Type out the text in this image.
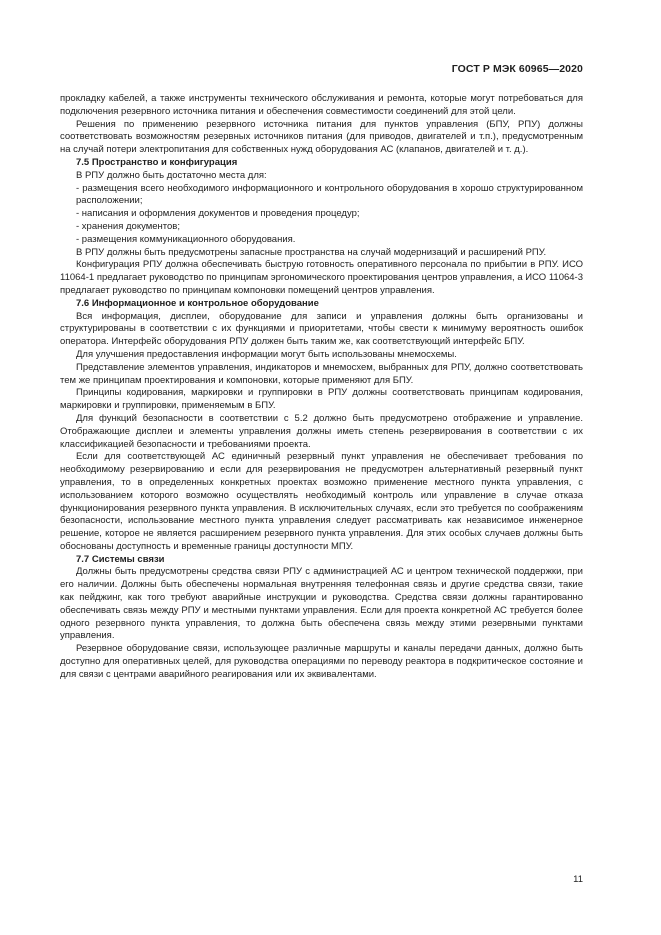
ГОСТ Р МЭК 60965—2020

прокладку кабелей, а также инструменты технического обслуживания и ремонта, которые могут потребоваться для подключения резервного источника питания и обеспечения совместимости соединений для этой цели.

Решения по применению резервного источника питания для пунктов управления (БПУ, РПУ) должны соответствовать возможностям резервных источников питания (для приводов, двигателей и т.п.), предусмотренным на случай потери электропитания для собственных нужд оборудования АС (клапанов, двигателей и т. д.).

7.5 Пространство и конфигурация

В РПУ должно быть достаточно места для:

- размещения всего необходимого информационного и контрольного оборудования в хорошо структурированном расположении;

- написания и оформления документов и проведения процедур;

- хранения документов;

- размещения коммуникационного оборудования.

В РПУ должны быть предусмотрены запасные пространства на случай модернизаций и расширений РПУ.

Конфигурация РПУ должна обеспечивать быструю готовность оперативного персонала по прибытии в РПУ. ИСО 11064-1 предлагает руководство по принципам эргономического проектирования центров управления, а ИСО 11064-3 предлагает руководство по принципам компоновки помещений центров управления.

7.6 Информационное и контрольное оборудование

Вся информация, дисплеи, оборудование для записи и управления должны быть организованы и структурированы в соответствии с их функциями и приоритетами, чтобы свести к минимуму вероятность ошибок оператора. Интерфейс оборудования РПУ должен быть таким же, как соответствующий интерфейс БПУ.

Для улучшения предоставления информации могут быть использованы мнемосхемы.

Представление элементов управления, индикаторов и мнемосхем, выбранных для РПУ, должно соответствовать тем же принципам проектирования и компоновки, которые применяют для БПУ.

Принципы кодирования, маркировки и группировки в РПУ должны соответствовать принципам кодирования, маркировки и группировки, применяемым в БПУ.

Для функций безопасности в соответствии с 5.2 должно быть предусмотрено отображение и управление. Отображающие дисплеи и элементы управления должны иметь степень резервирования в соответствии с их классификацией безопасности и требованиями проекта.

Если для соответствующей АС единичный резервный пункт управления не обеспечивает требования по необходимому резервированию и если для резервирования не предусмотрен альтернативный резервный пункт управления, то в определенных конкретных проектах возможно применение местного пункта управления, с использованием которого возможно осуществлять необходимый контроль или управление в случае отказа функционирования резервного пункта управления. В исключительных случаях, если это требуется по соображениям безопасности, использование местного пункта управления следует рассматривать как независимое инженерное решение, которое не является расширением резервного пункта управления. Для этих особых случаев должны быть обоснованы доступность и временные границы доступности МПУ.

7.7 Системы связи

Должны быть предусмотрены средства связи РПУ с администрацией АС и центром технической поддержки, при его наличии. Должны быть обеспечены нормальная внутренняя телефонная связь и другие средства связи, такие как пейджинг, как того требуют аварийные инструкции и руководства. Средства связи должны гарантированно обеспечивать связь между РПУ и местными пунктами управления. Если для проекта конкретной АС требуется более одного резервного пункта управления, то должна быть обеспечена связь между этими резервными пунктами управления.

Резервное оборудование связи, использующее различные маршруты и каналы передачи данных, должно быть доступно для оперативных целей, для руководства операциями по переводу реактора в подкритическое состояние и для связи с центрами аварийного реагирования или их эквивалентами.

11
